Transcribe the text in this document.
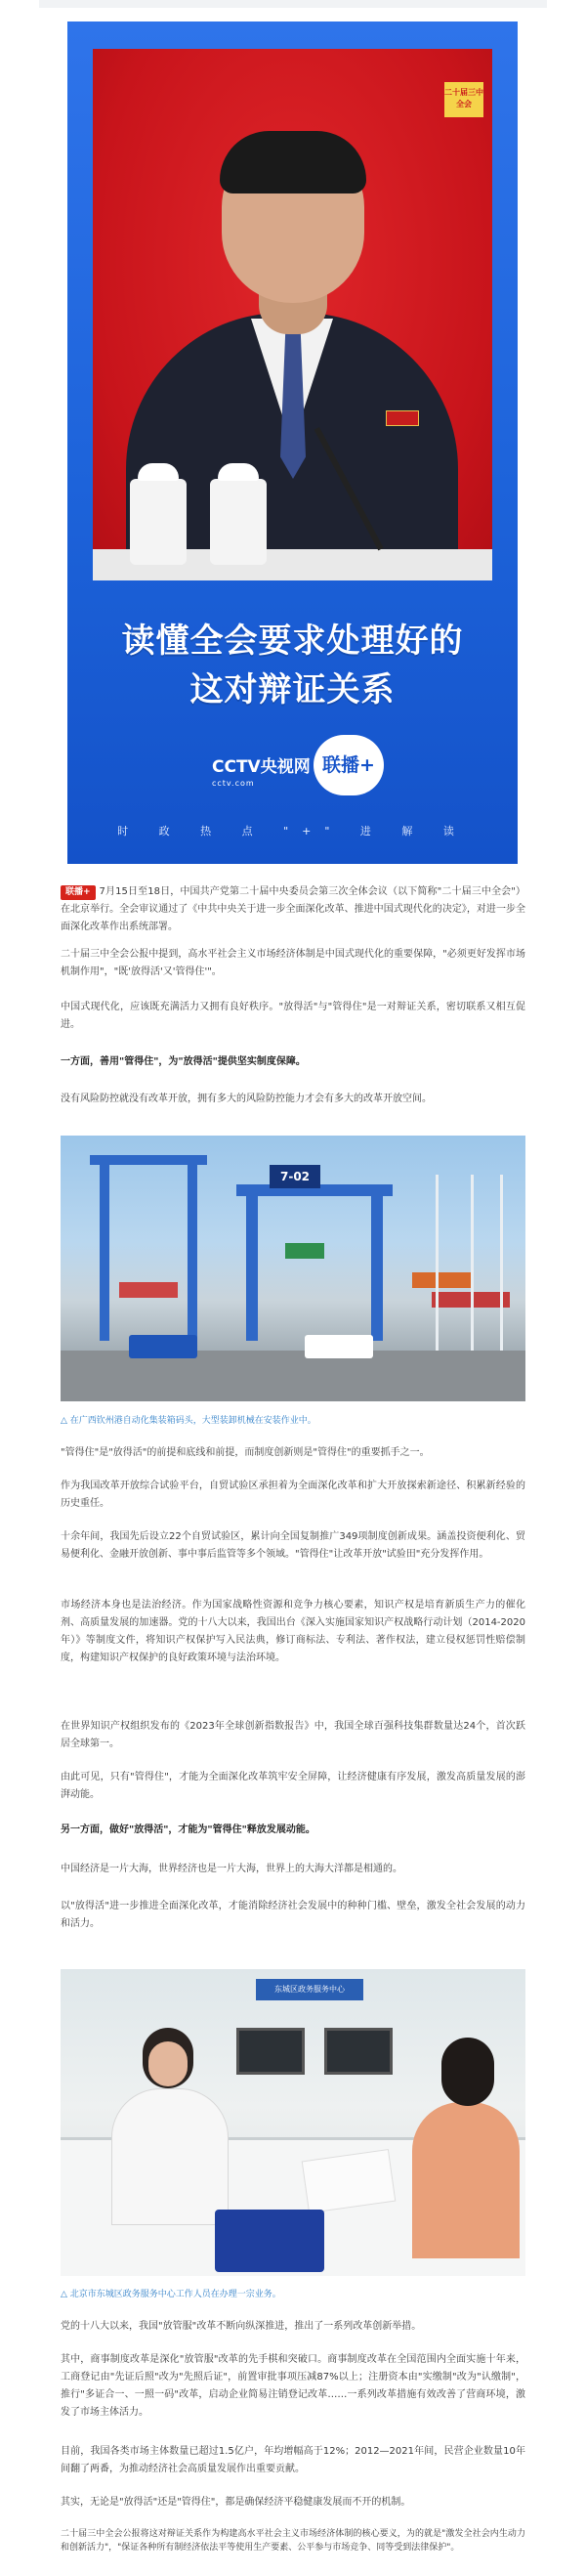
二十届三中全会
读懂全会要求处理好的
这对辩证关系
CCTV央视网
cctv.com
联播+
时 政 热 点 "+" 进 解 读
联播+ 7月15日至18日，中国共产党第二十届中央委员会第三次全体会议（以下简称"二十届三中全会"）在北京举行。全会审议通过了《中共中央关于进一步全面深化改革、推进中国式现代化的决定》，对进一步全面深化改革作出系统部署。
二十届三中全会公报中提到，高水平社会主义市场经济体制是中国式现代化的重要保障，"必须更好发挥市场机制作用"，"既'放得活'又'管得住'"。
中国式现代化，应该既充满活力又拥有良好秩序。"放得活"与"管得住"是一对辩证关系，密切联系又相互促进。
一方面，善用"管得住"，为"放得活"提供坚实制度保障。
没有风险防控就没有改革开放，拥有多大的风险防控能力才会有多大的改革开放空间。
7-02
△ 在广西钦州港自动化集装箱码头，大型装卸机械在安装作业中。
"管得住"是"放得活"的前提和底线和前提，而制度创新则是"管得住"的重要抓手之一。
作为我国改革开放综合试验平台，自贸试验区承担着为全面深化改革和扩大开放探索新途径、积累新经验的历史重任。
十余年间，我国先后设立22个自贸试验区，累计向全国复制推广349项制度创新成果。涵盖投资便利化、贸易便利化、金融开放创新、事中事后监管等多个领域。"管得住"让改革开放"试验田"充分发挥作用。
市场经济本身也是法治经济。作为国家战略性资源和竞争力核心要素，知识产权是培育新质生产力的催化剂、高质量发展的加速器。党的十八大以来，我国出台《深入实施国家知识产权战略行动计划（2014-2020年）》等制度文件，将知识产权保护写入民法典，修订商标法、专利法、著作权法，建立侵权惩罚性赔偿制度，构建知识产权保护的良好政策环境与法治环境。
在世界知识产权组织发布的《2023年全球创新指数报告》中，我国全球百强科技集群数量达24个，首次跃居全球第一。
由此可见，只有"管得住"，才能为全面深化改革筑牢安全屏障，让经济健康有序发展，激发高质量发展的澎湃动能。
另一方面，做好"放得活"，才能为"管得住"释放发展动能。
中国经济是一片大海，世界经济也是一片大海，世界上的大海大洋都是相通的。
以"放得活"进一步推进全面深化改革，才能消除经济社会发展中的种种门槛、壁垒，激发全社会发展的动力和活力。
东城区政务服务中心
△ 北京市东城区政务服务中心工作人员在办理一宗业务。
党的十八大以来，我国"放管服"改革不断向纵深推进，推出了一系列改革创新举措。
其中，商事制度改革是深化"放管服"改革的先手棋和突破口。商事制度改革在全国范围内全面实施十年来，工商登记由"先证后照"改为"先照后证"，前置审批事项压减87%以上；注册资本由"实缴制"改为"认缴制"，推行"多证合一、一照一码"改革，启动企业简易注销登记改革……一系列改革措施有效改善了营商环境，激发了市场主体活力。
目前，我国各类市场主体数量已超过1.5亿户，年均增幅高于12%；2012—2021年间，民营企业数量10年间翻了两番，为推动经济社会高质量发展作出重要贡献。
其实，无论是"放得活"还是"管得住"，都是确保经济平稳健康发展而不开的机制。
二十届三中全会公报将这对辩证关系作为构建高水平社会主义市场经济体制的核心要义，为的就是"激发全社会内生动力和创新活力"，"保证各种所有制经济依法平等使用生产要素、公平参与市场竞争、同等受到法律保护"。
